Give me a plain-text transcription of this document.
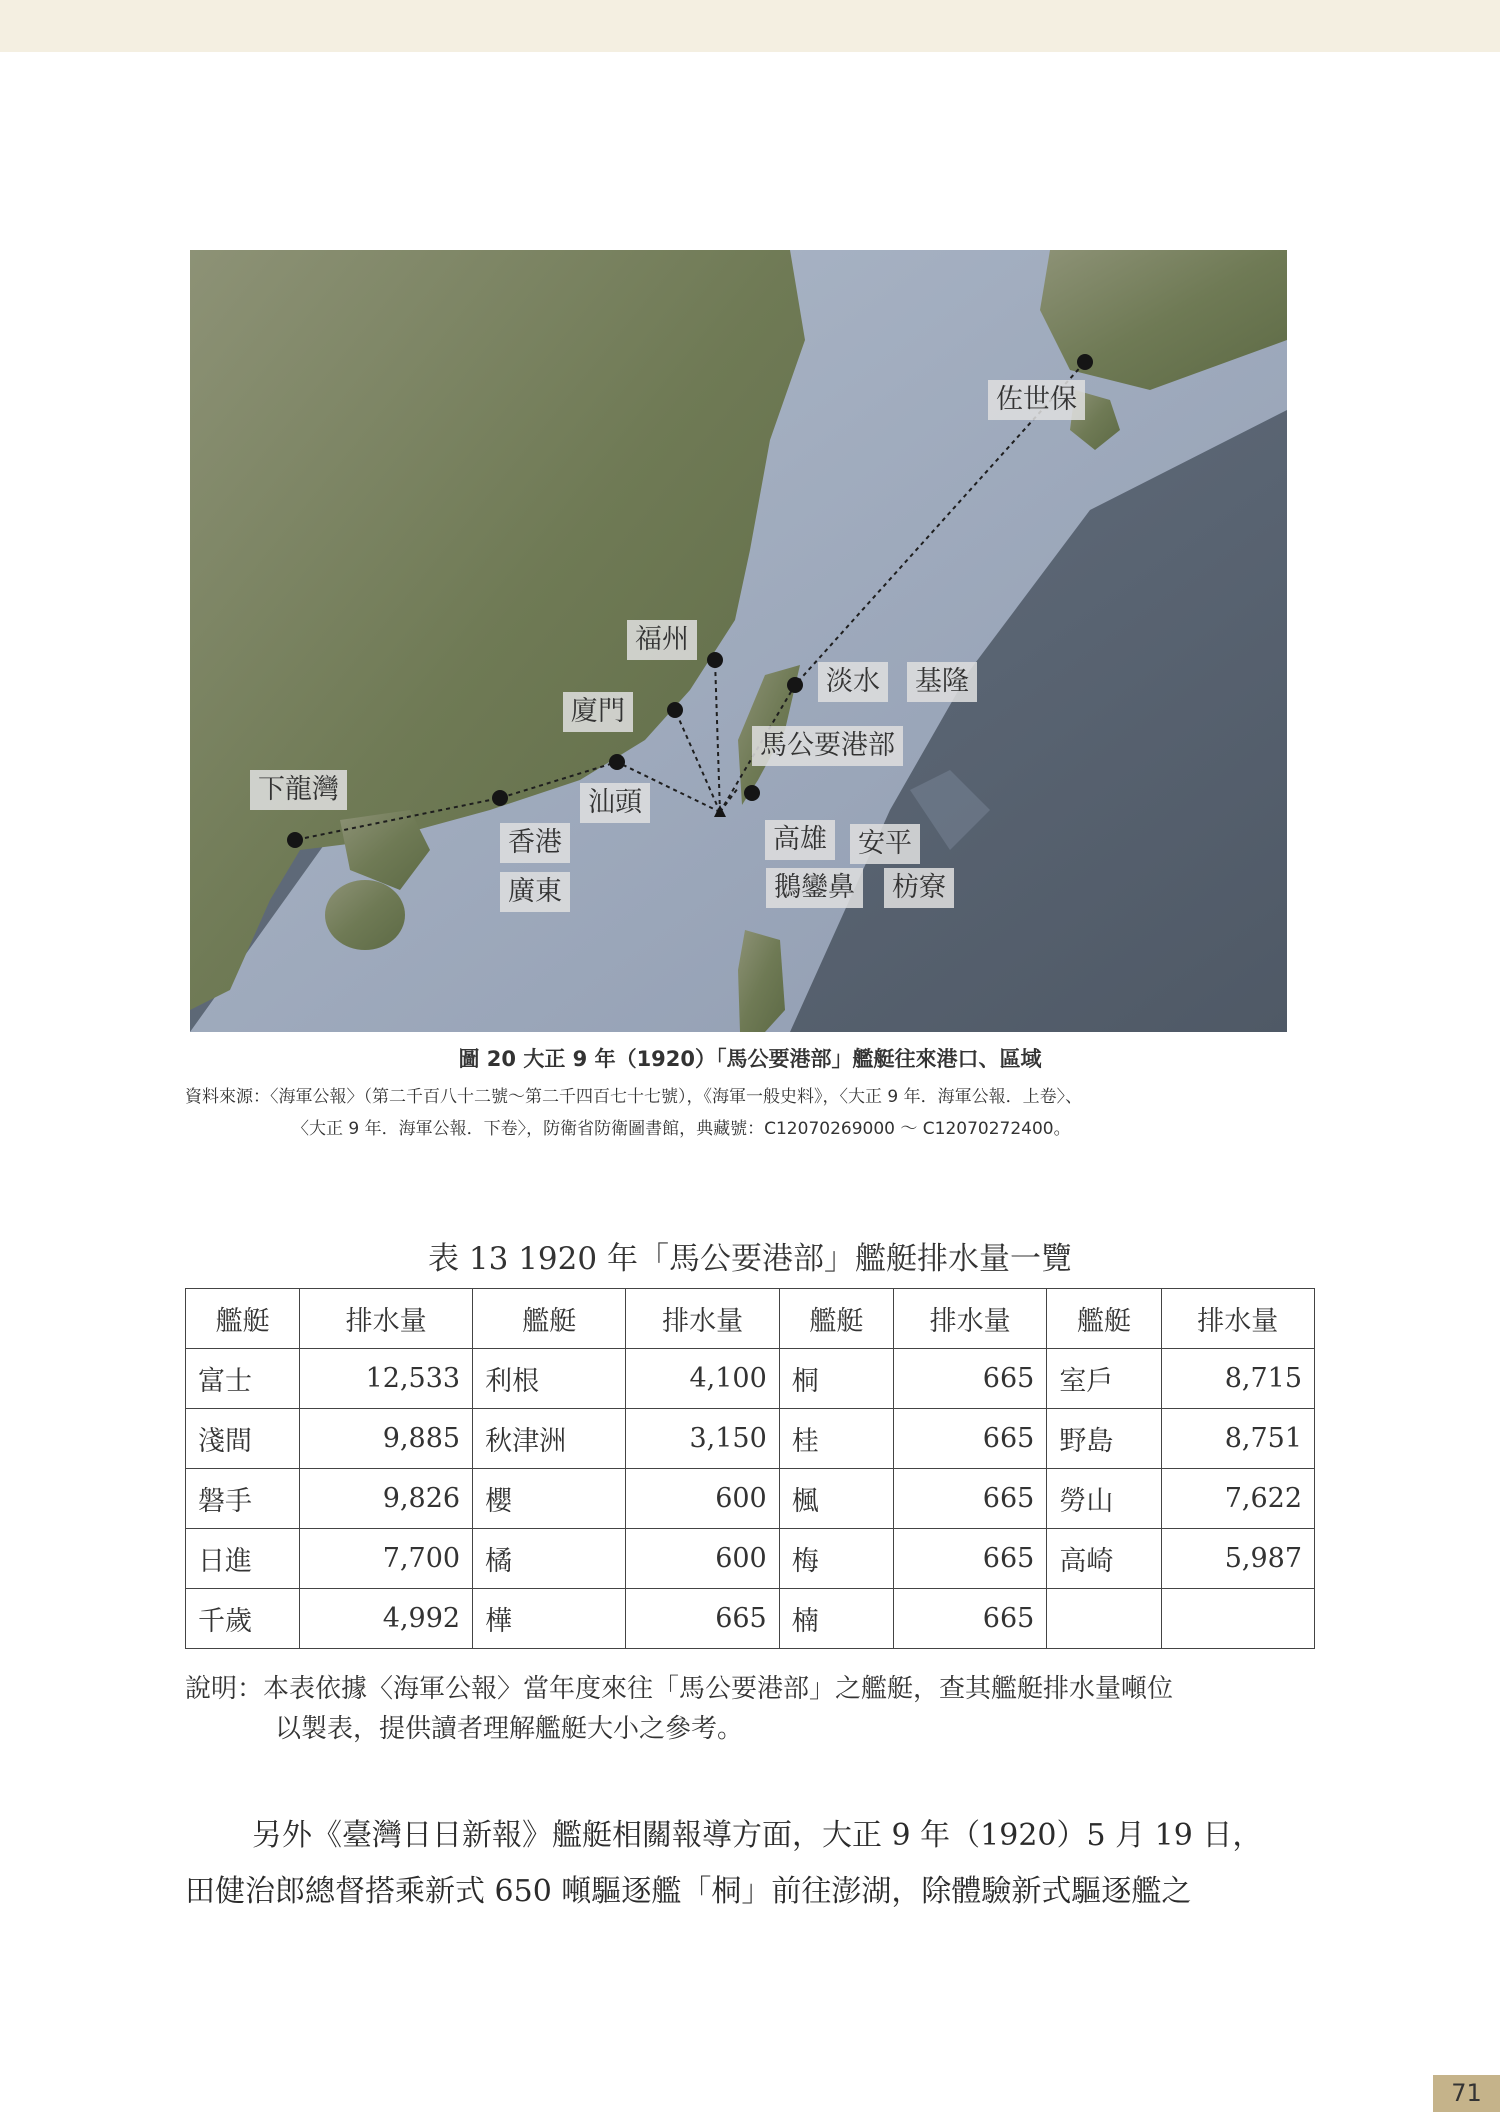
佐世保
福州
淡水 基隆
廈門
馬公要港部
下龍灣	汕頭
香港
廣東
高雄 安平
鵝鑾鼻 枋寮
圖 20 大正 9 年（1920）「馬公要港部」艦艇往來港口、區域
資料來源：〈海軍公報〉（第二千百八十二號～第二千四百七十七號），《海軍一般史料》，〈大正 9 年．海軍公報．上卷〉、
〈大正 9 年．海軍公報．下卷〉，防衛省防衛圖書館，典藏號：C12070269000 ～ C12070272400。
表 13 1920 年「馬公要港部」艦艇排水量一覽
艦艇	排水量	艦艇	排水量	艦艇	排水量	艦艇	排水量
富士	12,533	利根	4,100	桐	665	室戶	8,715
淺間	9,885	秋津洲	3,150	桂	665	野島	8,751
磐手	9,826	櫻	600	楓	665	勞山	7,622
日進	7,700	橘	600	梅	665	高崎	5,987
千歲	4,992	樺	665	楠	665		
說明：本表依據〈海軍公報〉當年度來往「馬公要港部」之艦艇，查其艦艇排水量噸位
以製表，提供讀者理解艦艇大小之參考。
另外《臺灣日日新報》艦艇相關報導方面，大正 9 年（1920）5 月 19 日，
田健治郎總督搭乘新式 650 噸驅逐艦「桐」前往澎湖，除體驗新式驅逐艦之
71
